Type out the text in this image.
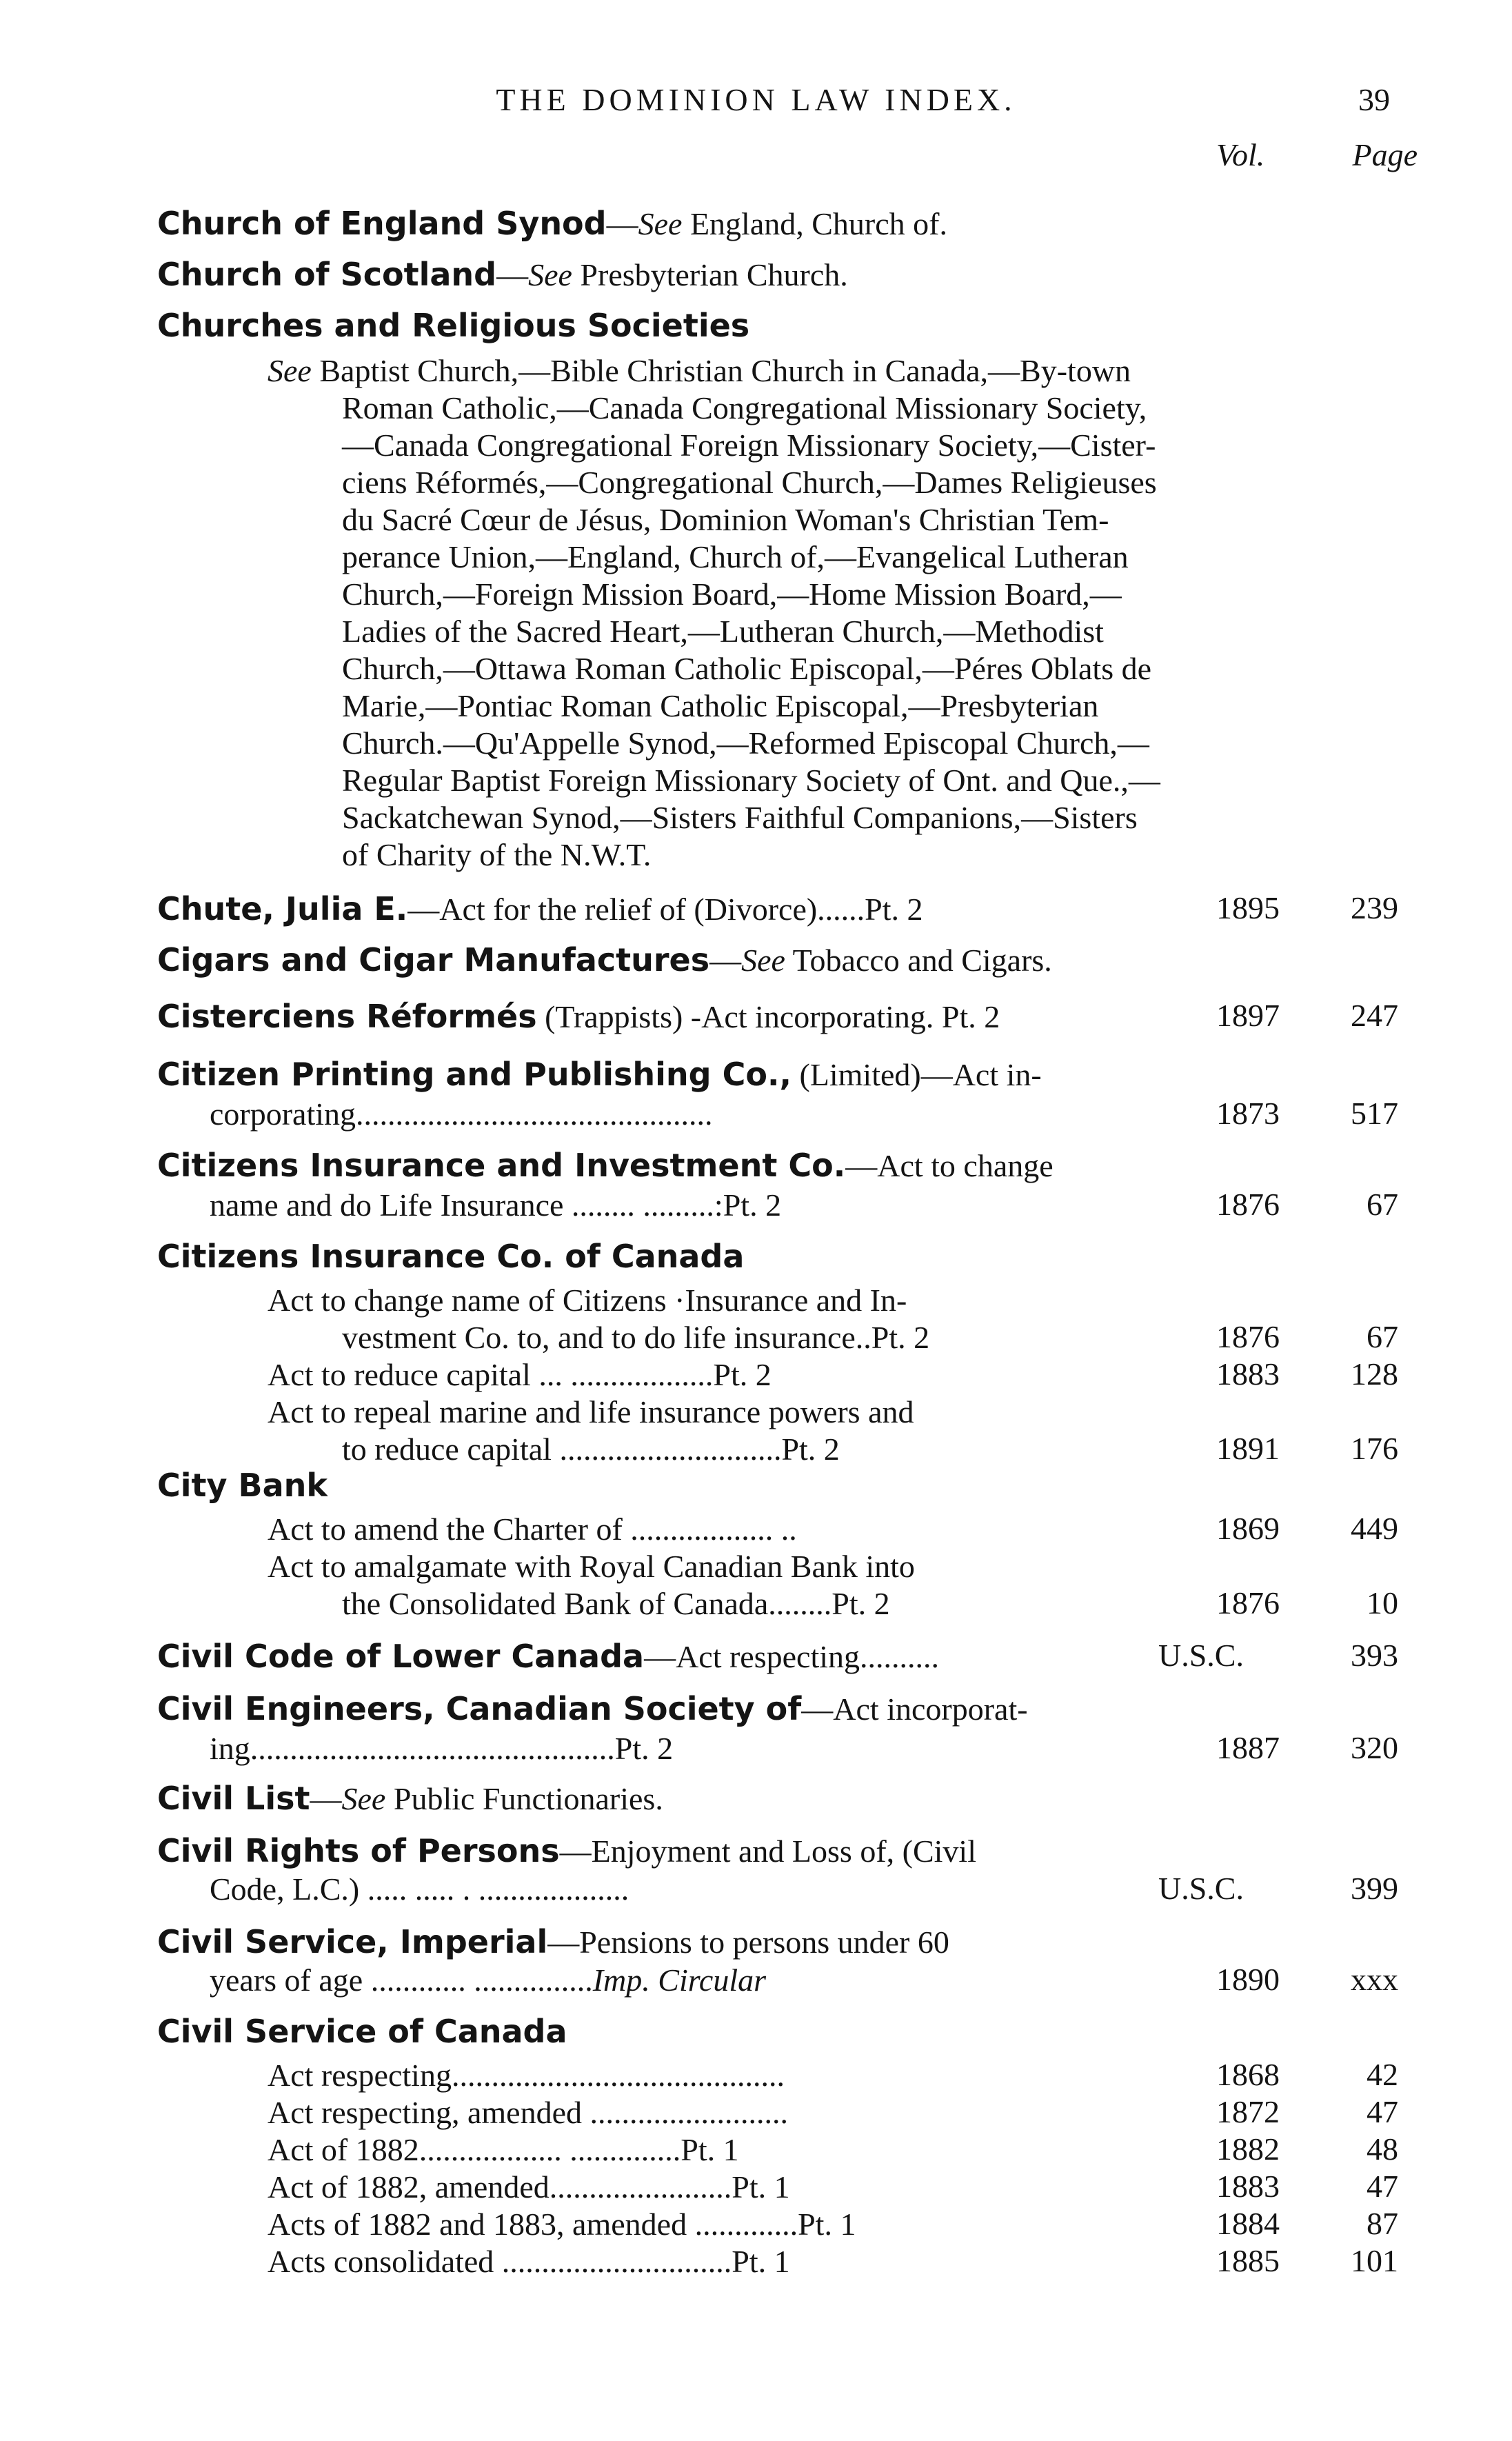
THE DOMINION LAW INDEX.	39
Vol.	Page
Church of England Synod—See England, Church of.
Church of Scotland—See Presbyterian Church.
Churches and Religious Societies
See Baptist Church,—Bible Christian Church in Canada,—By-town
Roman Catholic,—Canada Congregational Missionary Society,
—Canada Congregational Foreign Missionary Society,—Cister-
ciens Réformés,—Congregational Church,—Dames Religieuses
du Sacré Cœur de Jésus, Dominion Woman's Christian Tem-
perance Union,—England, Church of,—Evangelical Lutheran
Church,—Foreign Mission Board,—Home Mission Board,—
Ladies of the Sacred Heart,—Lutheran Church,—Methodist
Church,—Ottawa Roman Catholic Episcopal,—Péres Oblats de
Marie,—Pontiac Roman Catholic Episcopal,—Presbyterian
Church.—Qu'Appelle Synod,—Reformed Episcopal Church,—
Regular Baptist Foreign Missionary Society of Ont. and Que.,—
Sackatchewan Synod,—Sisters Faithful Companions,—Sisters
of Charity of the N.W.T.
Chute, Julia E.—Act for the relief of (Divorce)......Pt. 2	1895	239
Cigars and Cigar Manufactures—See Tobacco and Cigars.
Cisterciens Réformés (Trappists) -Act incorporating. Pt. 2	1897	247
Citizen Printing and Publishing Co., (Limited)—Act in-
corporating.............................................	1873	517
Citizens Insurance and Investment Co.—Act to change
name and do Life Insurance ........ .........:Pt. 2	1876	67
Citizens Insurance Co. of Canada
Act to change name of Citizens ·Insurance and In-
vestment Co. to, and to do life insurance..Pt. 2	1876	67
Act to reduce capital ... ..................Pt. 2	1883	128
Act to repeal marine and life insurance powers and
to reduce capital ............................Pt. 2	1891	176
City Bank
Act to amend the Charter of .................. ..	1869	449
Act to amalgamate with Royal Canadian Bank into
the Consolidated Bank of Canada........Pt. 2	1876	10
Civil Code of Lower Canada—Act respecting..........	U.S.C.	393
Civil Engineers, Canadian Society of—Act incorporat-
ing..............................................Pt. 2	1887	320
Civil List—See Public Functionaries.
Civil Rights of Persons—Enjoyment and Loss of, (Civil
Code, L.C.) ..... ..... . ...................	U.S.C.	399
Civil Service, Imperial—Pensions to persons under 60
years of age ............ ...............Imp. Circular	1890	xxx
Civil Service of Canada
Act respecting..........................................	1868	42
Act respecting, amended .........................	1872	47
Act of 1882.................. ..............Pt. 1	1882	48
Act of 1882, amended.......................Pt. 1	1883	47
Acts of 1882 and 1883, amended .............Pt. 1	1884	87
Acts consolidated .............................Pt. 1	1885	101
